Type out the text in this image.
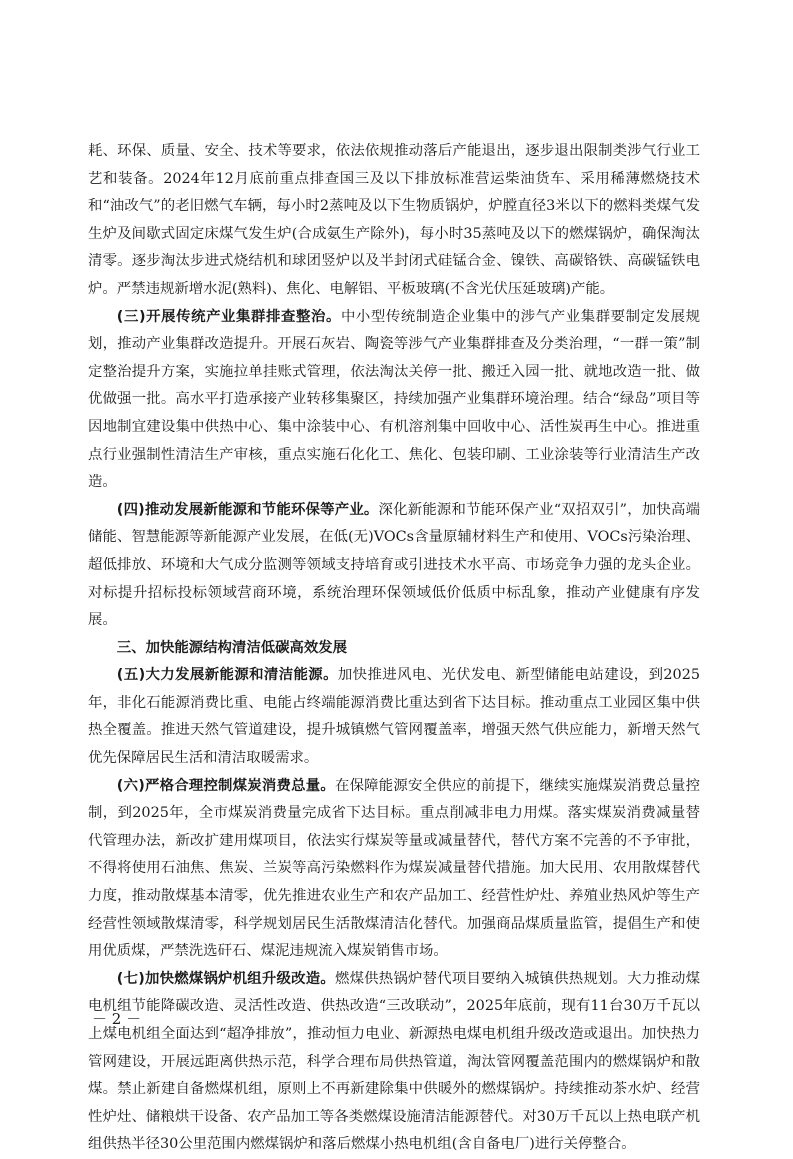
耗、环保、质量、安全、技术等要求，依法依规推动落后产能退出，逐步退出限制类涉气行业工艺和装备。2024年12月底前重点排查国三及以下排放标准营运柴油货车、采用稀薄燃烧技术和“油改气”的老旧燃气车辆，每小时2蒸吨及以下生物质锅炉，炉膛直径3米以下的燃料类煤气发生炉及间歇式固定床煤气发生炉(合成氨生产除外)，每小时35蒸吨及以下的燃煤锅炉，确保淘汰清零。逐步淘汰步进式烧结机和球团竖炉以及半封闭式硅锰合金、镍铁、高碳铬铁、高碳锰铁电炉。严禁违规新增水泥(熟料)、焦化、电解铝、平板玻璃(不含光伏压延玻璃)产能。

(三)开展传统产业集群排查整治。中小型传统制造企业集中的涉气产业集群要制定发展规划，推动产业集群改造提升。开展石灰岩、陶瓷等涉气产业集群排查及分类治理，“一群一策”制定整治提升方案，实施拉单挂账式管理，依法淘汰关停一批、搬迁入园一批、就地改造一批、做优做强一批。高水平打造承接产业转移集聚区，持续加强产业集群环境治理。结合“绿岛”项目等因地制宜建设集中供热中心、集中涂装中心、有机溶剂集中回收中心、活性炭再生中心。推进重点行业强制性清洁生产审核，重点实施石化化工、焦化、包装印刷、工业涂装等行业清洁生产改造。

(四)推动发展新能源和节能环保等产业。深化新能源和节能环保产业“双招双引”，加快高端储能、智慧能源等新能源产业发展，在低(无)VOCs含量原辅材料生产和使用、VOCs污染治理、超低排放、环境和大气成分监测等领域支持培育或引进技术水平高、市场竞争力强的龙头企业。对标提升招标投标领域营商环境，系统治理环保领域低价低质中标乱象，推动产业健康有序发展。

三、加快能源结构清洁低碳高效发展

(五)大力发展新能源和清洁能源。加快推进风电、光伏发电、新型储能电站建设，到2025年，非化石能源消费比重、电能占终端能源消费比重达到省下达目标。推动重点工业园区集中供热全覆盖。推进天然气管道建设，提升城镇燃气管网覆盖率，增强天然气供应能力，新增天然气优先保障居民生活和清洁取暖需求。

(六)严格合理控制煤炭消费总量。在保障能源安全供应的前提下，继续实施煤炭消费总量控制，到2025年，全市煤炭消费量完成省下达目标。重点削减非电力用煤。落实煤炭消费减量替代管理办法，新改扩建用煤项目，依法实行煤炭等量或减量替代，替代方案不完善的不予审批，不得将使用石油焦、焦炭、兰炭等高污染燃料作为煤炭减量替代措施。加大民用、农用散煤替代力度，推动散煤基本清零，优先推进农业生产和农产品加工、经营性炉灶、养殖业热风炉等生产经营性领域散煤清零，科学规划居民生活散煤清洁化替代。加强商品煤质量监管，提倡生产和使用优质煤，严禁洗选矸石、煤泥违规流入煤炭销售市场。

(七)加快燃煤锅炉机组升级改造。燃煤供热锅炉替代项目要纳入城镇供热规划。大力推动煤电机组节能降碳改造、灵活性改造、供热改造“三改联动”，2025年底前，现有11台30万千瓦以上煤电机组全面达到“超净排放”，推动恒力电业、新源热电煤电机组升级改造或退出。加快热力管网建设，开展远距离供热示范，科学合理布局供热管道，淘汰管网覆盖范围内的燃煤锅炉和散煤。禁止新建自备燃煤机组，原则上不再新建除集中供暖外的燃煤锅炉。持续推动茶水炉、经营性炉灶、储粮烘干设备、农产品加工等各类燃煤设施清洁能源替代。对30万千瓦以上热电联产机组供热半径30公里范围内燃煤锅炉和落后燃煤小热电机组(含自备电厂)进行关停整合。

－ 2 －
